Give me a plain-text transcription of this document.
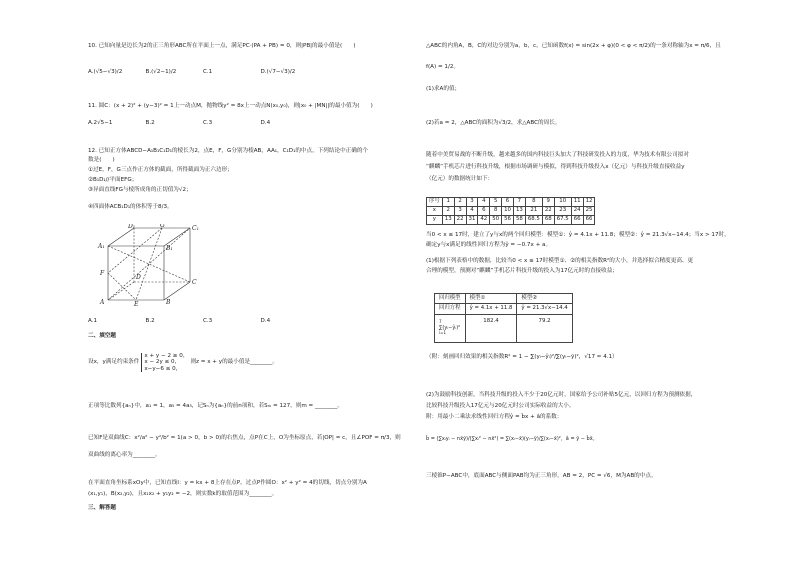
10. 已知向量是边长为2的正三角形ABC所在平面上一点，满足PC·(PA + PB) = 0，则|PB|的最小值是(　　)
A.(√5−√3)/2	B.(√2−1)/2	C.1	D.(√7−√3)/2
11. 圆C：(x + 2)² + (y−3)² = 1上一动点M，抛物线y² = 8x上一动点N(x₀,y₀)，则|x₀ + |MN||的最小值为(　　)
A.2√5−1	B.2	C.3	D.4
12. 已知正方体ABCD−A₁B₁C₁D₁的棱长为2，点E，F，G分别为棱AB，AA₁，C₁D₁的中点，下列结论中正确的个
数是(　　)
①过E，F，G三点作正方体的截面，所得截面为正六边形；
②B₁D₁//平面EFG；
③异面直线FG与棱所成角的正切值为√2；
④四面体ACB₁D₁的体积等于8/3。
D₁	G	C₁
A₁	B₁
F
D
C
A	E	B
A.1	B.2	C.3	D.4
二、填空题
设x，y满足约束条件
x + y − 2 ≥ 0，
x − 2y ≤ 0，
x−y−6 ≤ 0，
则z = x + y的最小值是________。
正项等比数列{aₙ}中，a₁ = 1，a₅ = 4a₃，记Sₙ为{aₙ}的前n项和，若Sₘ = 127，则m = ________。
已知F是双曲线C：x²/a² − y²/b² = 1(a > 0，b > 0)的右焦点，点P在C上，O为坐标原点，若|OP| = c，且∠POF = π/3，则
双曲线的离心率为________。
在平面直角坐标系xOy中，已知直线l：y = kx + 8上存在点P，过点P作圆O：x² + y² = 4的切线，切点分别为A
(x₁,y₁)，B(x₂,y₂)，且x₁x₂ + y₁y₂ = −2，则实数k的取值范围为________。
三、解答题
△ABC的内角A，B，C的对边分别为a，b，c，已知函数f(x) = sin(2x + φ)(0 < φ < π/2)的一条对称轴为x = π/6，且
f(A) = 1/2。
(1)求A的值；
(2)若a = 2，△ABC的面积为√3/2，求△ABC的周长。
随着中美贸易战的不断升级，越来越多的国内科技巨头加大了科技研发投入的力度，华为技术有限公司拟对
“麒麟”手机芯片进行科技升级，根据市场调研与模拟，得到科技升级投入x（亿元）与科技升级直接收益y
（亿元）的数据统计如下：
序号	1	2	3	4	5	6	7	8	9	10	11	12
x	2	3	4	6	8	10	13	21	22	23	24	25
y	13	22	31	42	50	56	58	68.5	68	67.5	66	66
当0 < x ≤ 17时，建立了y与x的两个回归模型：模型①：ŷ = 4.1x + 11.8；模型②：ŷ = 21.3√x−14.4；当x > 17时，
确定y与x满足的线性回归方程为ŷ = −0.7x + a。
(1)根据下列表格中的数据，比较当0 < x ≤ 17时模型①、②的相关指数R²的大小，并选择拟合精度更高、更
合理的模型，预测对“麒麟”手机芯片科技升级的投入为17亿元时的直接收益；
回归模型	模型①	模型②
回归方程	ŷ = 4.1x + 11.8	ŷ = 21.3√x−14.4

7
∑(yᵢ−ŷᵢ)²
i=1	182.4	79.2
（附：刻画回归效果的相关指数R² = 1 − ∑(yᵢ−ŷᵢ)²/∑(yᵢ−ȳ)²，√17 ≈ 4.1）
(2)为鼓励科技创新，当科技升级的投入不少于20亿元时，国家给予公司补贴5亿元，以回归方程为预测依据，
比较科技升级投入17亿元与20亿元时公司实际收益的大小。
附：用最小二乘法求线性回归方程ŷ = b̂x + â的系数：
b̂ = (∑xᵢyᵢ − nx̄ȳ)/(∑xᵢ² − nx̄²) = ∑(xᵢ−x̄)(yᵢ−ȳ)/∑(xᵢ−x̄)²，â = ȳ − b̂x̄。
三棱锥P−ABC中，底面ABC与侧面PAB均为正三角形，AB = 2，PC = √6，M为AB的中点。
